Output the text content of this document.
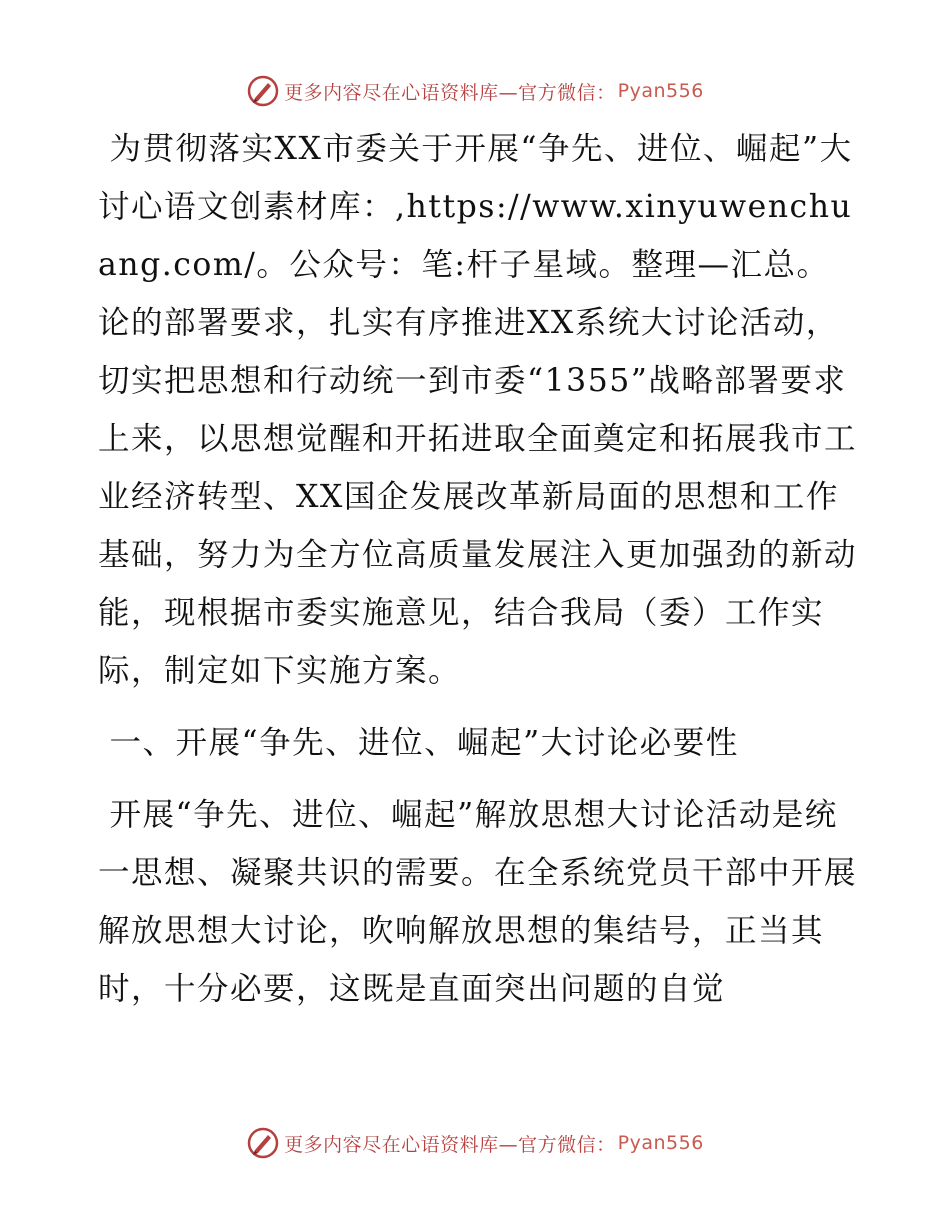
更多内容尽在心语资料库—官方微信： Pyan556

为贯彻落实XX市委关于开展“争先、进位、崛起”大讨心语文创素材库：,https://www.xinyuwenchuang.com/。公众号：笔:杆子星域。整理—汇总。论的部署要求，扎实有序推进XX系统大讨论活动，切实把思想和行动统一到市委“1355”战略部署要求上来，以思想觉醒和开拓进取全面奠定和拓展我市工业经济转型、XX国企发展改革新局面的思想和工作基础，努力为全方位高质量发展注入更加强劲的新动能，现根据市委实施意见，结合我局（委）工作实际，制定如下实施方案。

一、开展“争先、进位、崛起”大讨论必要性

开展“争先、进位、崛起”解放思想大讨论活动是统一思想、凝聚共识的需要。在全系统党员干部中开展解放思想大讨论，吹响解放思想的集结号，正当其时，十分必要，这既是直面突出问题的自觉

更多内容尽在心语资料库—官方微信： Pyan556
